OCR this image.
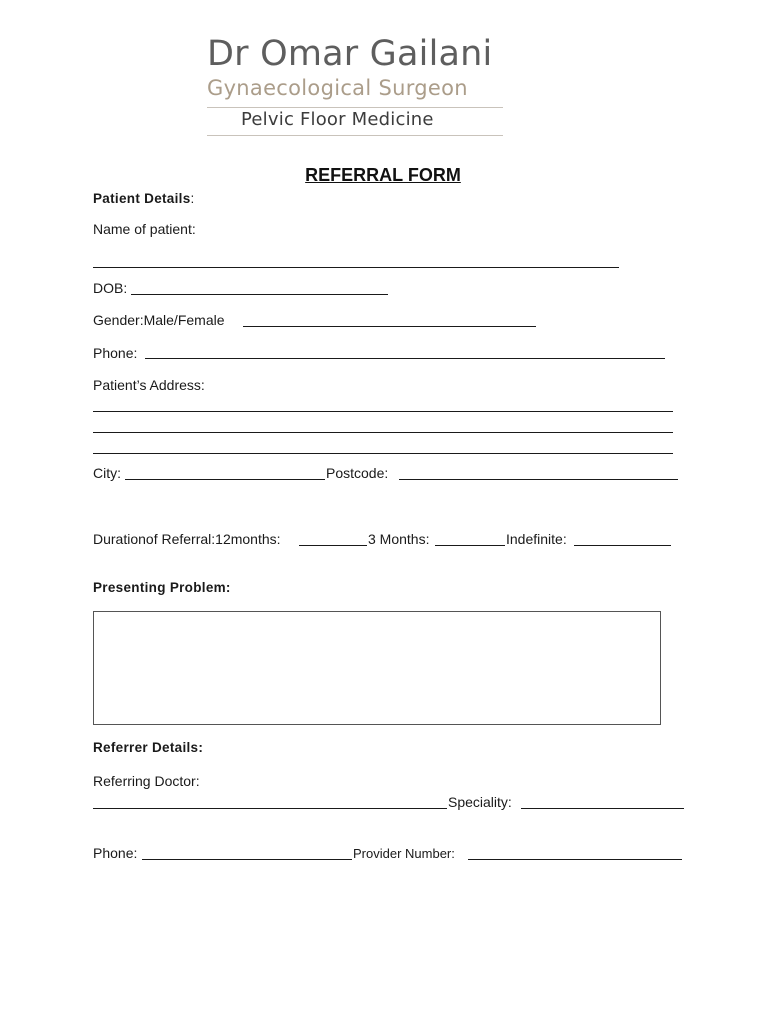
Dr Omar Gailani
Gynaecological Surgeon
Pelvic Floor Medicine
REFERRAL FORM
Patient Details:
Name of patient:
DOB:
Gender:Male/Female
Phone:
Patient’s Address:
City:	Postcode:
Durationof Referral:12months:	3 Months:	Indefinite:
Presenting Problem:
Referrer Details:
Referring Doctor:
Speciality:
Phone:	Provider Number:
